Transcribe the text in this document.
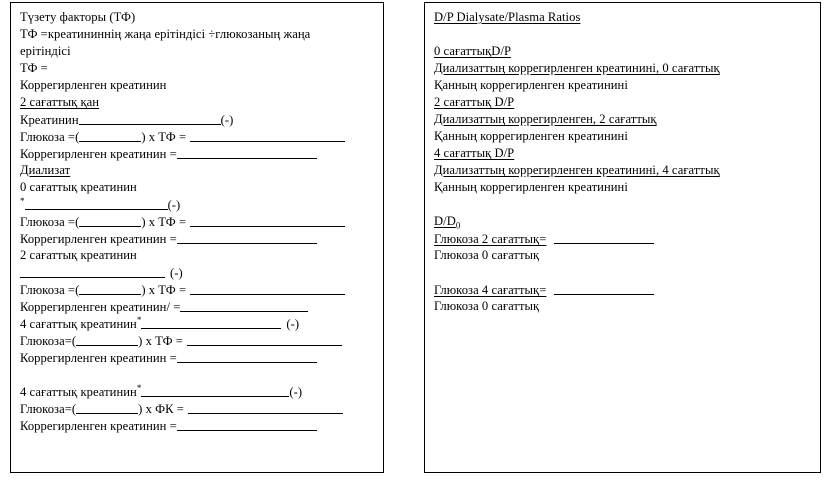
Түзету факторы (ТФ)
ТФ =креатининнің жаңа ерітіндісі ÷глюкозаның жаңа
ерітіндісі
ТФ =
Коррегирленген креатинин
2 сағаттық қан
Креатинин	(-)
Глюкоза =(	) х ТФ =
Коррегирленген креатинин =
Диализат
0 сағаттық креатинин
*	(-)
Глюкоза =(	) х ТФ =
Коррегирленген креатинин =
2 сағаттық креатинин
(-)
Глюкоза =(	) х ТФ =
Коррегирленген креатинин/ =
4 сағаттық креатинин*	(-)
Глюкоза=(	) х ТФ =
Коррегирленген креатинин =
4 сағаттық креатинин*	(-)
Глюкоза=(	) х ФК =
Коррегирленген креатинин =
D/P Dialysate/Plasma Ratios
0 сағаттықD/P
Диализаттың коррегирленген креатинині, 0 сағаттық
Қанның коррегирленген креатинині
2 сағаттық D/P
Диализаттың коррегирленген, 2 сағаттық
Қанның коррегирленген креатинині
4 сағаттық D/P
Диализаттың коррегирленген креатинині, 4 сағаттық
Қанның коррегирленген креатинині
$D/D_0$
Глюкоза 2 сағаттық=
Глюкоза 0 сағаттық
Глюкоза 4 сағаттық=
Глюкоза 0 сағаттық
